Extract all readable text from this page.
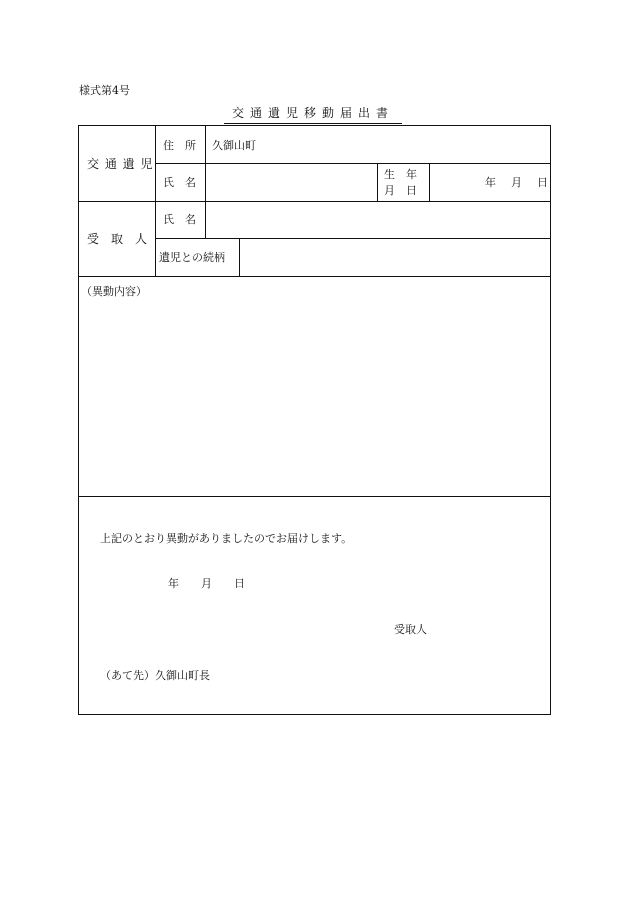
様式第4号
交通遺児移動届出書
交 通 遺 児
住　所 久御山町
氏　名
生　年
月　日
年　月　日
受　取　人
氏　名
遺児との続柄
（異動内容）
上記のとおり異動がありましたのでお届けします。
年　　月　　日
受取人
（あて先）久御山町長
